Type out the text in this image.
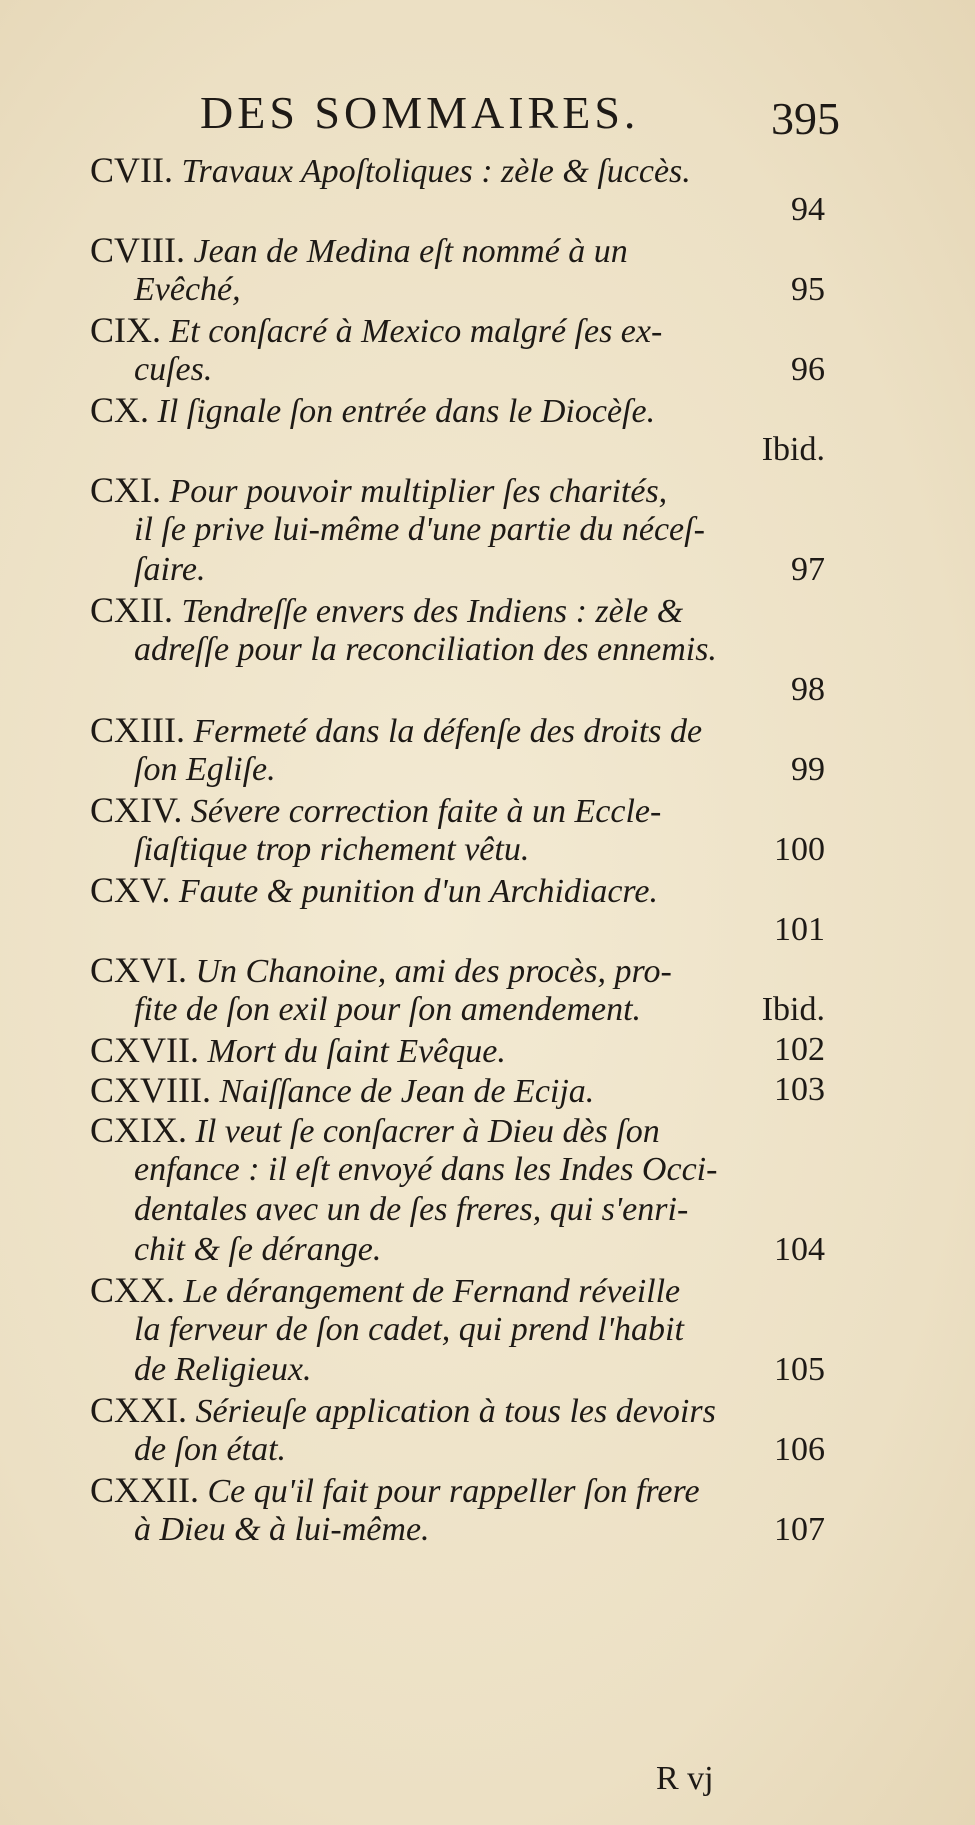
DES SOMMAIRES.	395
CVII. Travaux Apoſtoliques : zèle & ſuccès.
94
CVIII. Jean de Medina eſt nommé à un
Evêché,	95
CIX. Et conſacré à Mexico malgré ſes ex-
cuſes.	96
CX. Il ſignale ſon entrée dans le Diocèſe.
Ibid.
CXI. Pour pouvoir multiplier ſes charités,
il ſe prive lui-même d'une partie du néceſ-
ſaire.	97
CXII. Tendreſſe envers des Indiens : zèle &
adreſſe pour la reconciliation des ennemis.
98
CXIII. Fermeté dans la défenſe des droits de
ſon Egliſe.	99
CXIV. Sévere correction faite à un Eccle-
ſiaſtique trop richement vêtu.	100
CXV. Faute & punition d'un Archidiacre.
101
CXVI. Un Chanoine, ami des procès, pro-
fite de ſon exil pour ſon amendement.	Ibid.
CXVII. Mort du ſaint Evêque.	102
CXVIII. Naiſſance de Jean de Ecija.	103
CXIX. Il veut ſe conſacrer à Dieu dès ſon
enfance : il eſt envoyé dans les Indes Occi-
dentales avec un de ſes freres, qui s'enri-
chit & ſe dérange.	104
CXX. Le dérangement de Fernand réveille
la ferveur de ſon cadet, qui prend l'habit
de Religieux.	105
CXXI. Sérieuſe application à tous les devoirs
de ſon état.	106
CXXII. Ce qu'il fait pour rappeller ſon frere
à Dieu & à lui-même.	107
R vj
